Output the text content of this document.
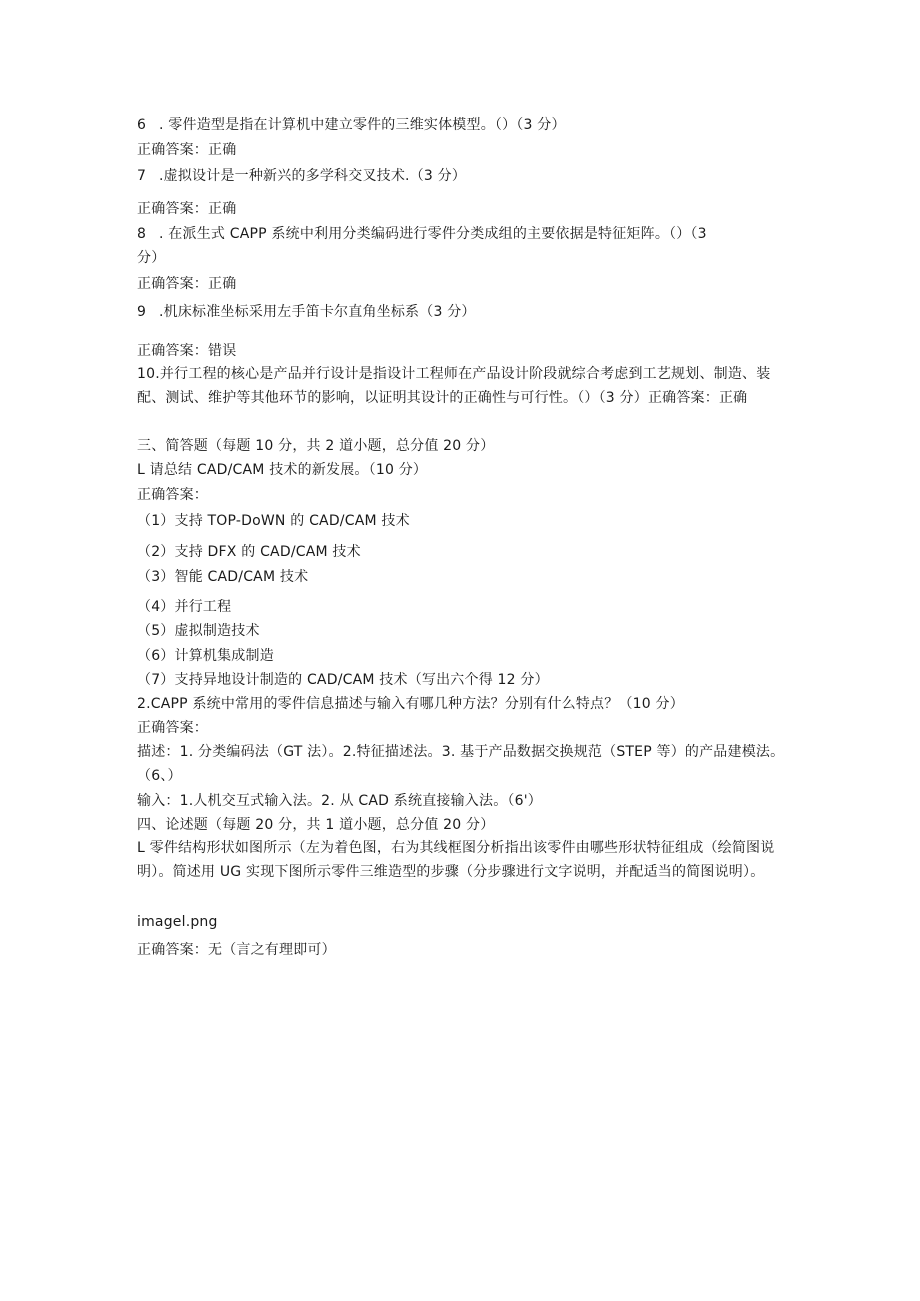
6 . 零件造型是指在计算机中建立零件的三维实体模型。（）（3 分）
正确答案：正确
7 .虚拟设计是一种新兴的多学科交叉技术.（3 分）
正确答案：正确
8 . 在派生式 CAPP 系统中利用分类编码进行零件分类成组的主要依据是特征矩阵。（）（3
分）
正确答案：正确
9 .机床标准坐标采用左手笛卡尔直角坐标系（3 分）
正确答案：错误
10.并行工程的核心是产品并行设计是指设计工程师在产品设计阶段就综合考虑到工艺规划、制造、装配、测试、维护等其他环节的影响，以证明其设计的正确性与可行性。（）（3 分）正确答案：正确
三、简答题（每题 10 分，共 2 道小题，总分值 20 分）
L 请总结 CAD/CAM 技术的新发展。（10 分）
正确答案：
（1）支持 TOP-DoWN 的 CAD/CAM 技术
（2）支持 DFX 的 CAD/CAM 技术
（3）智能 CAD/CAM 技术
（4）并行工程
（5）虚拟制造技术
（6）计算机集成制造
（7）支持异地设计制造的 CAD/CAM 技术（写出六个得 12 分）
2.CAPP 系统中常用的零件信息描述与输入有哪几种方法？分别有什么特点？（10 分）
正确答案：
描述：1. 分类编码法（GT 法）。2.特征描述法。3. 基于产品数据交换规范（STEP 等）的产品建模法。（6、）
输入：1.人机交互式输入法。2. 从 CAD 系统直接输入法。（6'）
四、论述题（每题 20 分，共 1 道小题，总分值 20 分）
L 零件结构形状如图所示（左为着色图，右为其线框图分析指出该零件由哪些形状特征组成（绘简图说明）。简述用 UG 实现下图所示零件三维造型的步骤（分步骤进行文字说明，并配适当的简图说明）。
imagel.png
正确答案：无（言之有理即可）
